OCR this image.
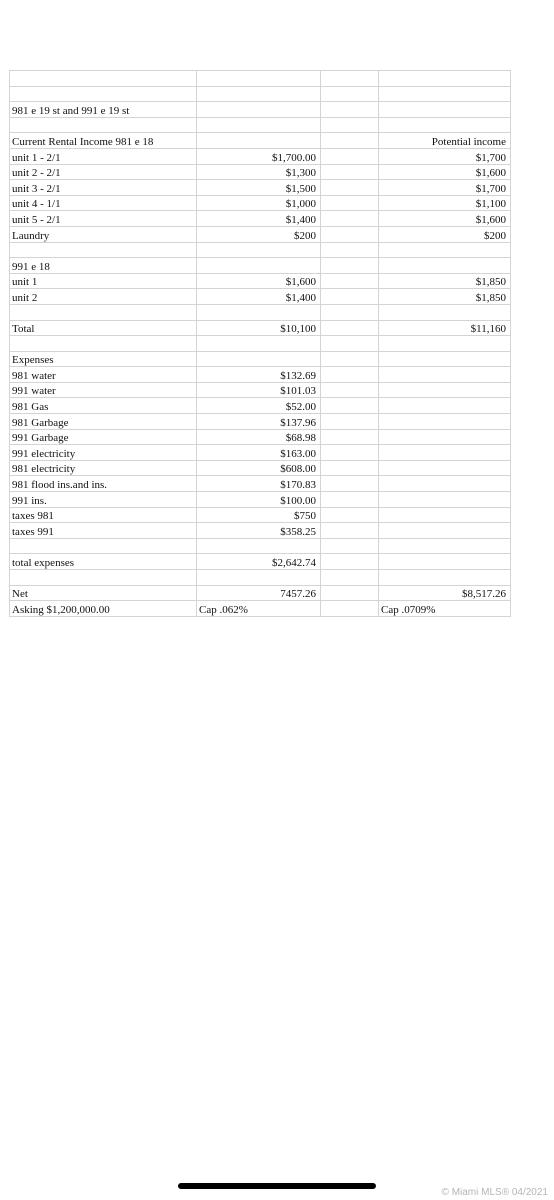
981 e 19 st and 991 e 19 st			

Current Rental Income 981 e 18			Potential income
unit 1 - 2/1	$1,700.00		$1,700
unit 2 - 2/1	$1,300		$1,600
unit 3 - 2/1	$1,500		$1,700
unit 4 - 1/1	$1,000		$1,100
unit 5 - 2/1	$1,400		$1,600
Laundry	$200		$200

991 e 18			
unit 1	$1,600		$1,850
unit 2	$1,400		$1,850

Total	$10,100		$11,160

Expenses			
981 water	$132.69		
991 water	$101.03		
981 Gas	$52.00		
981 Garbage	$137.96		
991 Garbage	$68.98		
991 electricity	$163.00		
981 electricity	$608.00		
981 flood ins.and ins.	$170.83		
991 ins.	$100.00		
taxes 981	$750		
taxes 991	$358.25		

total expenses	$2,642.74		

Net	7457.26		$8,517.26
Asking $1,200,000.00	Cap .062%		Cap .0709%
© Miami MLS® 04/2021
